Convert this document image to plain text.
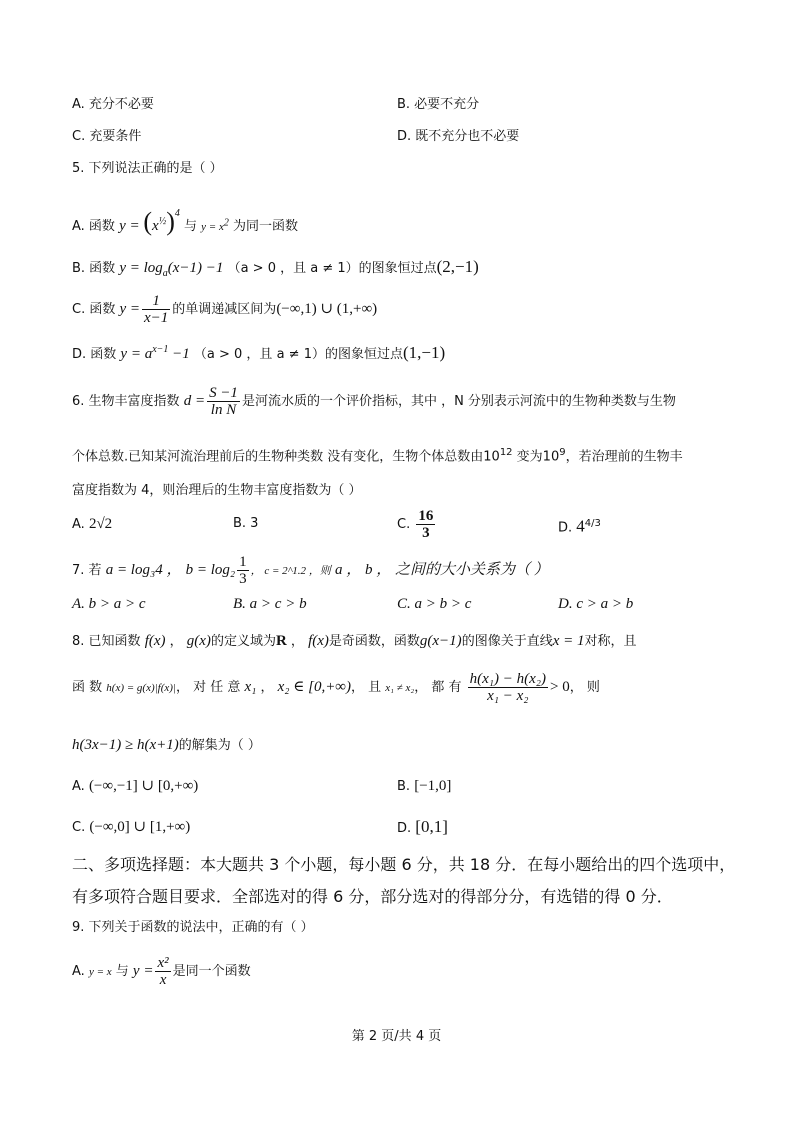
A. 充分不必要	B. 必要不充分
C. 充要条件	D. 既不充分也不必要
5. 下列说法正确的是（ ）
A. 函数 $y = (x^{\frac{1}{2}})^4$ 与 $y = x^2$ 为同一函数
B. 函数 $y = \log_a(x-1) -1$ （a > 0 ，且 a ≠ 1）的图象恒过点(2,−1)
C. 函数 $y = \frac{1}{x-1}$ 的单调递减区间为(−∞,1) ∪ (1,+∞)
D. 函数 $y = a^{x-1} -1$ （a > 0 ，且 a ≠ 1）的图象恒过点(1,−1)
6. 生物丰富度指数 $d = \frac{S -1}{\text{ln N}}$ 是河流水质的一个评价指标，其中 ，N 分别表示河流中的生物种类数与生物
个体总数.已知某河流治理前后的生物种类数 没有变化，生物个体总数由$10^{12}$ 变为$10^9$，若治理前的生物丰
富度指数为 4，则治理后的生物丰富度指数为（ ）
A. 2√2	B. 3	C. $\frac{16}{3}$	D. $4^{4/3}$
7. 若 a = log₃4 ， $b = \log_2 \frac{1}{3}$ ， c = 2^1.2 ，则 a ， b ， 之间的大小关系为（ ）
A. b > a > c	B. a > c > b	C. a > b > c	D. c > a > b
8. 已知函数 f(x) ， g(x)的定义域为R ， f(x)是奇函数，函数g(x−1)的图像关于直线x = 1对称，且
函 数 h(x) = g(x)|f(x)|， 对 任 意 x₁ ， x₂ ∈ [0,+∞)， 且 x₁ ≠ x₂， 都 有 $\frac{\text{h(x₁) − h(x₂)}}{\text{x₁ − x₂}} > 0$， 则
h(3x−1) ≥ h(x+1)的解集为（ ）
A. (−∞,−1] ∪ [0,+∞)	B. [−1,0]
C. (−∞,0] ∪ [1,+∞)	D. [0,1]
二、多项选择题：本大题共 3 个小题，每小题 6 分，共 18 分．在每小题给出的四个选项中，
有多项符合题目要求．全部选对的得 6 分，部分选对的得部分分，有选错的得 0 分．
9. 下列关于函数的说法中，正确的有（ ）
A. y = x 与 $y = \frac{\text{x²}}{x}$ 是同一个函数
第 2 页/共 4 页
